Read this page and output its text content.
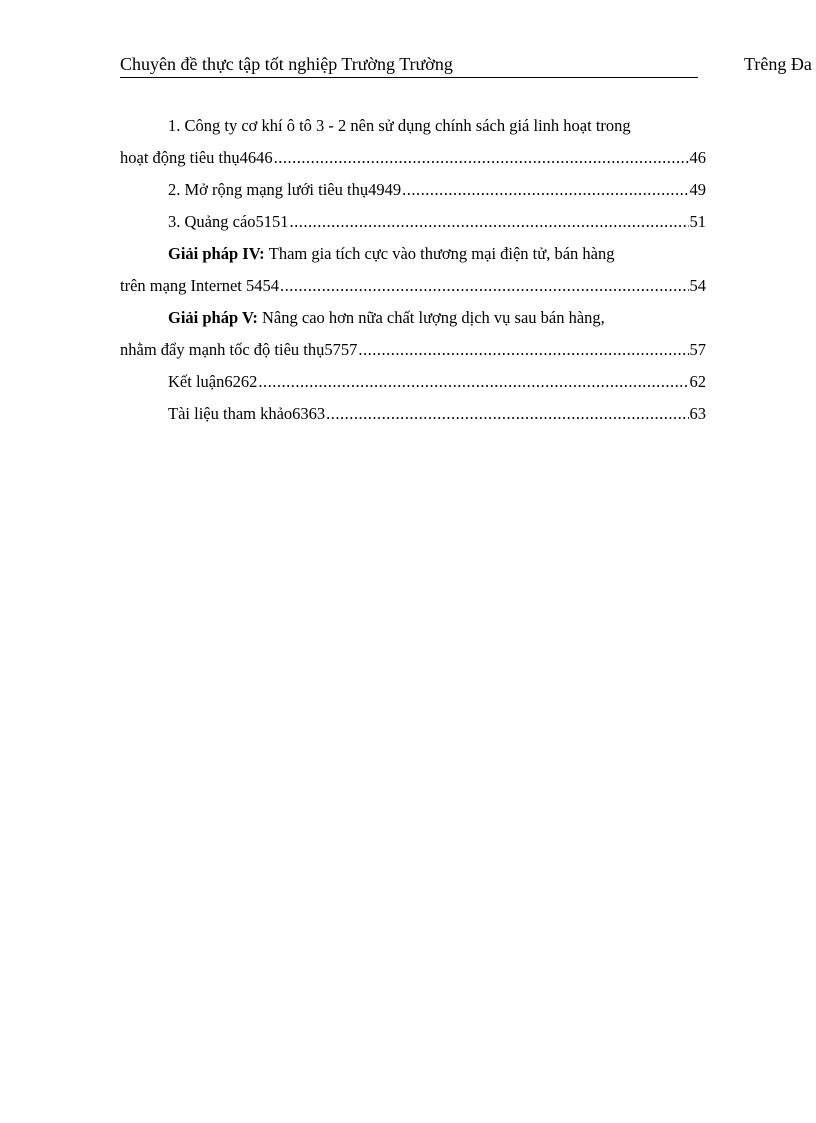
Chuyên đề thực tập tốt nghiệp Trường Trường	Trêng Đa
1. Công ty cơ khí ô tô 3 - 2 nên sử dụng chính sách giá linh hoạt trong
hoạt động tiêu thụ4646 .....	46
2. Mở rộng mạng lưới tiêu thụ4949 .....	49
3. Quảng cáo5151 .....	51
Giải pháp IV:
Tham gia tích cực vào thương mại điện tử, bán hàng
trên mạng Internet 5454 .....	54
Giải pháp V:
Nâng cao hơn nữa chất lượng dịch vụ sau bán hàng,
nhằm đẩy mạnh tốc độ tiêu thụ5757 .....	57
Kết luận6262 .....	62
Tài liệu tham khảo6363 .....	63
